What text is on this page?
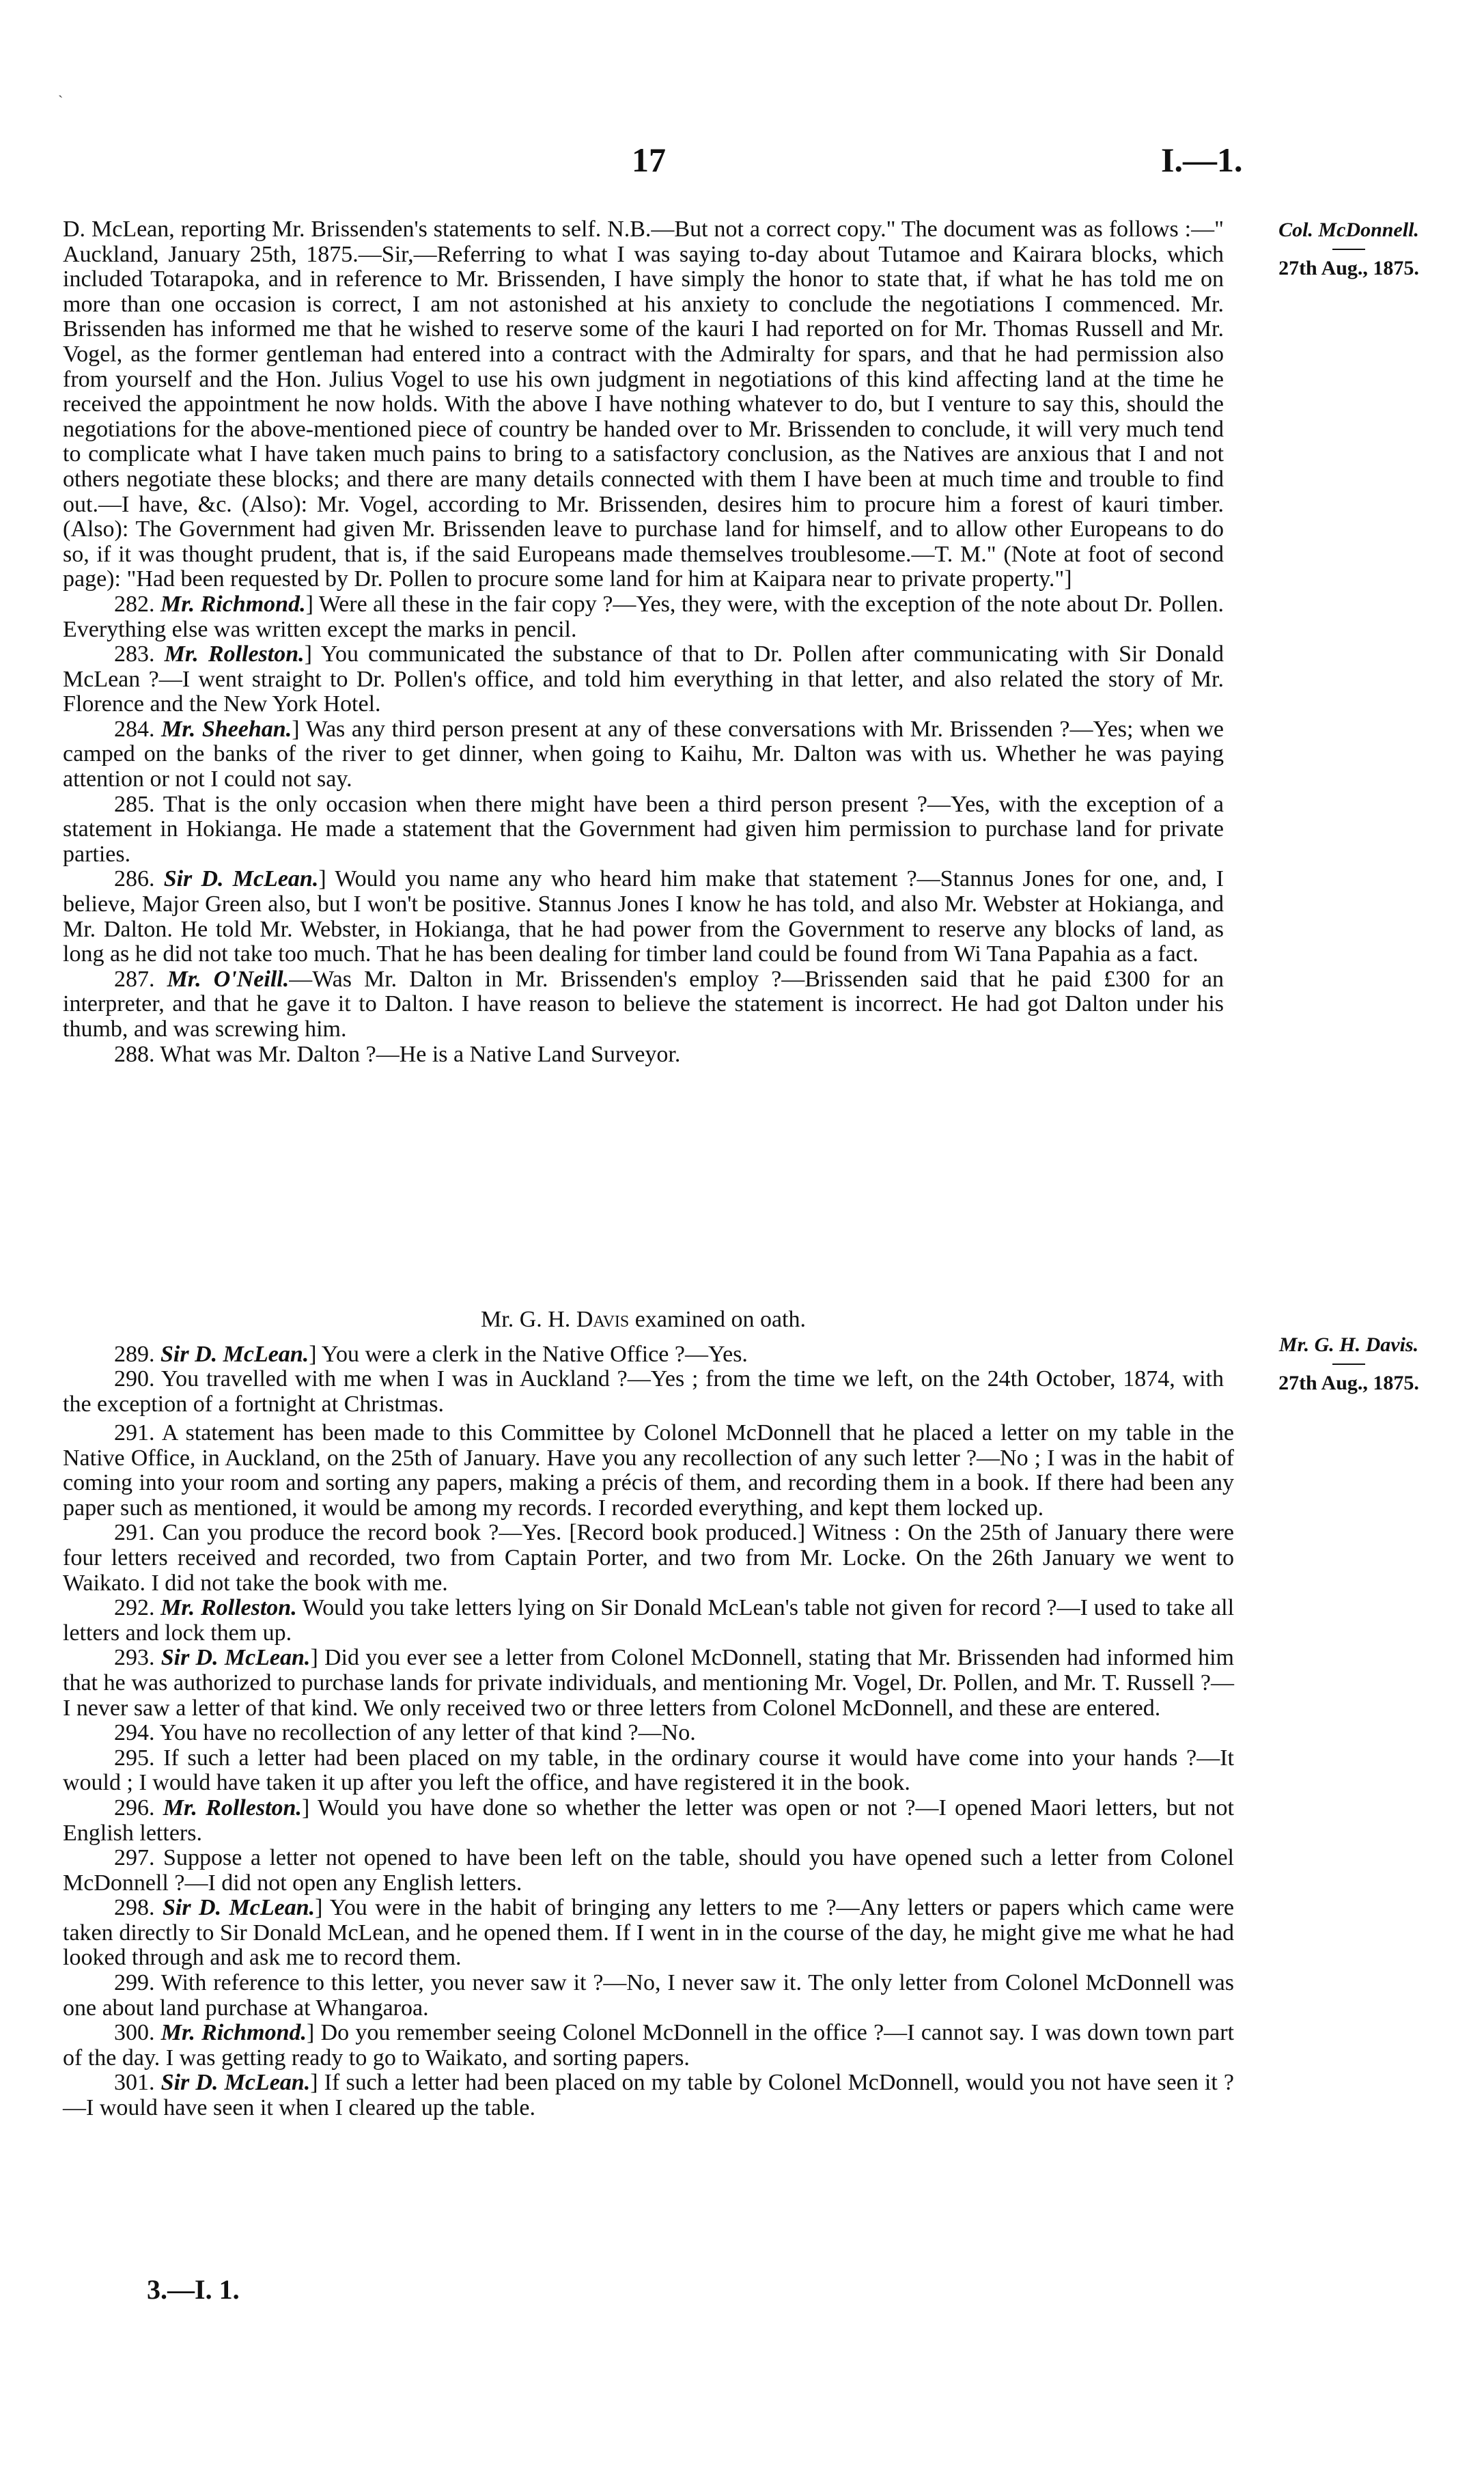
`
17	I.—1.
Col. McDonnell.
27th Aug., 1875.
Mr. G. H. Davis.
27th Aug., 1875.

D. McLean, reporting Mr. Brissenden's statements to self. N.B.—But not a correct copy." The document was as follows :—" Auckland, January 25th, 1875.—Sir,—Referring to what I was saying to-day about Tutamoe and Kairara blocks, which included Totarapoka, and in reference to Mr. Brissenden, I have simply the honor to state that, if what he has told me on more than one occasion is correct, I am not astonished at his anxiety to conclude the negotiations I commenced. Mr. Brissenden has informed me that he wished to reserve some of the kauri I had reported on for Mr. Thomas Russell and Mr. Vogel, as the former gentleman had entered into a contract with the Admiralty for spars, and that he had permission also from yourself and the Hon. Julius Vogel to use his own judgment in negotiations of this kind affecting land at the time he received the appointment he now holds. With the above I have nothing whatever to do, but I venture to say this, should the negotiations for the above-mentioned piece of country be handed over to Mr. Brissenden to conclude, it will very much tend to complicate what I have taken much pains to bring to a satisfactory conclusion, as the Natives are anxious that I and not others negotiate these blocks; and there are many details connected with them I have been at much time and trouble to find out.—I have, &c. (Also): Mr. Vogel, according to Mr. Brissenden, desires him to procure him a forest of kauri timber. (Also): The Government had given Mr. Brissenden leave to purchase land for himself, and to allow other Europeans to do so, if it was thought prudent, that is, if the said Europeans made themselves troublesome.—T. M." (Note at foot of second page): "Had been requested by Dr. Pollen to procure some land for him at Kaipara near to private property."]

282. Mr. Richmond.] Were all these in the fair copy ?—Yes, they were, with the exception of the note about Dr. Pollen. Everything else was written except the marks in pencil.

283. Mr. Rolleston.] You communicated the substance of that to Dr. Pollen after communicating with Sir Donald McLean ?—I went straight to Dr. Pollen's office, and told him everything in that letter, and also related the story of Mr. Florence and the New York Hotel.

284. Mr. Sheehan.] Was any third person present at any of these conversations with Mr. Brissenden ?—Yes; when we camped on the banks of the river to get dinner, when going to Kaihu, Mr. Dalton was with us. Whether he was paying attention or not I could not say.

285. That is the only occasion when there might have been a third person present ?—Yes, with the exception of a statement in Hokianga. He made a statement that the Government had given him permission to purchase land for private parties.

286. Sir D. McLean.] Would you name any who heard him make that statement ?—Stannus Jones for one, and, I believe, Major Green also, but I won't be positive. Stannus Jones I know he has told, and also Mr. Webster at Hokianga, and Mr. Dalton. He told Mr. Webster, in Hokianga, that he had power from the Government to reserve any blocks of land, as long as he did not take too much. That he has been dealing for timber land could be found from Wi Tana Papahia as a fact.

287. Mr. O'Neill.—Was Mr. Dalton in Mr. Brissenden's employ ?—Brissenden said that he paid £300 for an interpreter, and that he gave it to Dalton. I have reason to believe the statement is incorrect. He had got Dalton under his thumb, and was screwing him.

288. What was Mr. Dalton ?—He is a Native Land Surveyor.

Mr. G. H. Davis examined on oath.

289. Sir D. McLean.] You were a clerk in the Native Office ?—Yes.

290. You travelled with me when I was in Auckland ?—Yes ; from the time we left, on the 24th October, 1874, with the exception of a fortnight at Christmas.

291. A statement has been made to this Committee by Colonel McDonnell that he placed a letter on my table in the Native Office, in Auckland, on the 25th of January. Have you any recollection of any such letter ?—No ; I was in the habit of coming into your room and sorting any papers, making a précis of them, and recording them in a book. If there had been any paper such as mentioned, it would be among my records. I recorded everything, and kept them locked up.

291. Can you produce the record book ?—Yes. [Record book produced.] Witness : On the 25th of January there were four letters received and recorded, two from Captain Porter, and two from Mr. Locke. On the 26th January we went to Waikato. I did not take the book with me.

292. Mr. Rolleston. Would you take letters lying on Sir Donald McLean's table not given for record ?—I used to take all letters and lock them up.

293. Sir D. McLean.] Did you ever see a letter from Colonel McDonnell, stating that Mr. Brissenden had informed him that he was authorized to purchase lands for private individuals, and mentioning Mr. Vogel, Dr. Pollen, and Mr. T. Russell ?—I never saw a letter of that kind. We only received two or three letters from Colonel McDonnell, and these are entered.

294. You have no recollection of any letter of that kind ?—No.

295. If such a letter had been placed on my table, in the ordinary course it would have come into your hands ?—It would ; I would have taken it up after you left the office, and have registered it in the book.

296. Mr. Rolleston.] Would you have done so whether the letter was open or not ?—I opened Maori letters, but not English letters.

297. Suppose a letter not opened to have been left on the table, should you have opened such a letter from Colonel McDonnell ?—I did not open any English letters.

298. Sir D. McLean.] You were in the habit of bringing any letters to me ?—Any letters or papers which came were taken directly to Sir Donald McLean, and he opened them. If I went in in the course of the day, he might give me what he had looked through and ask me to record them.

299. With reference to this letter, you never saw it ?—No, I never saw it. The only letter from Colonel McDonnell was one about land purchase at Whangaroa.

300. Mr. Richmond.] Do you remember seeing Colonel McDonnell in the office ?—I cannot say. I was down town part of the day. I was getting ready to go to Waikato, and sorting papers.

301. Sir D. McLean.] If such a letter had been placed on my table by Colonel McDonnell, would you not have seen it ?—I would have seen it when I cleared up the table.

3.—I. 1.
